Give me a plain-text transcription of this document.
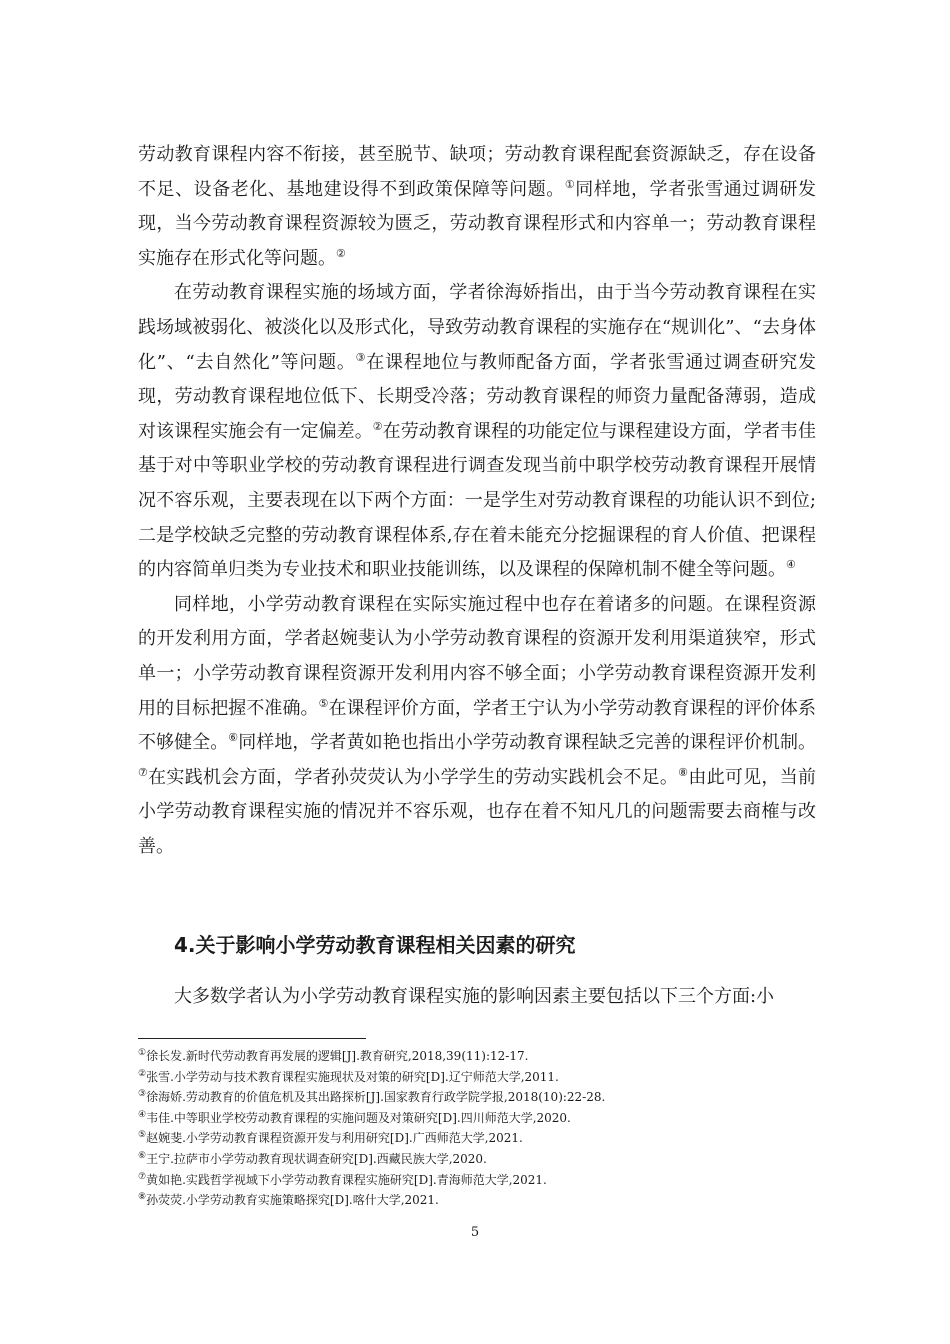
劳动教育课程内容不衔接，甚至脱节、缺项；劳动教育课程配套资源缺乏，存在设备不足、设备老化、基地建设得不到政策保障等问题。①同样地，学者张雪通过调研发现，当今劳动教育课程资源较为匮乏，劳动教育课程形式和内容单一；劳动教育课程实施存在形式化等问题。②

在劳动教育课程实施的场域方面，学者徐海娇指出，由于当今劳动教育课程在实践场域被弱化、被淡化以及形式化，导致劳动教育课程的实施存在“规训化”、“去身体化”、“去自然化”等问题。③在课程地位与教师配备方面，学者张雪通过调查研究发现，劳动教育课程地位低下、长期受冷落；劳动教育课程的师资力量配备薄弱，造成对该课程实施会有一定偏差。②在劳动教育课程的功能定位与课程建设方面，学者韦佳基于对中等职业学校的劳动教育课程进行调查发现当前中职学校劳动教育课程开展情况不容乐观，主要表现在以下两个方面：一是学生对劳动教育课程的功能认识不到位;二是学校缺乏完整的劳动教育课程体系,存在着未能充分挖掘课程的育人价值、把课程的内容简单归类为专业技术和职业技能训练，以及课程的保障机制不健全等问题。④

同样地，小学劳动教育课程在实际实施过程中也存在着诸多的问题。在课程资源的开发利用方面，学者赵婉斐认为小学劳动教育课程的资源开发利用渠道狭窄，形式单一；小学劳动教育课程资源开发利用内容不够全面；小学劳动教育课程资源开发利用的目标把握不准确。⑤在课程评价方面，学者王宁认为小学劳动教育课程的评价体系不够健全。⑥同样地，学者黄如艳也指出小学劳动教育课程缺乏完善的课程评价机制。⑦在实践机会方面，学者孙荧荧认为小学学生的劳动实践机会不足。⑧由此可见，当前小学劳动教育课程实施的情况并不容乐观，也存在着不知凡几的问题需要去商榷与改善。

4.关于影响小学劳动教育课程相关因素的研究

大多数学者认为小学劳动教育课程实施的影响因素主要包括以下三个方面:小

①徐长发.新时代劳动教育再发展的逻辑[J].教育研究,2018,39(11):12-17.
②张雪.小学劳动与技术教育课程实施现状及对策的研究[D].辽宁师范大学,2011.
③徐海娇.劳动教育的价值危机及其出路探析[J].国家教育行政学院学报,2018(10):22-28.
④韦佳.中等职业学校劳动教育课程的实施问题及对策研究[D].四川师范大学,2020.
⑤赵婉斐.小学劳动教育课程资源开发与利用研究[D].广西师范大学,2021.
⑥王宁.拉萨市小学劳动教育现状调查研究[D].西藏民族大学,2020.
⑦黄如艳.实践哲学视域下小学劳动教育课程实施研究[D].青海师范大学,2021.
⑧孙荧荧.小学劳动教育实施策略探究[D].喀什大学,2021.
5
